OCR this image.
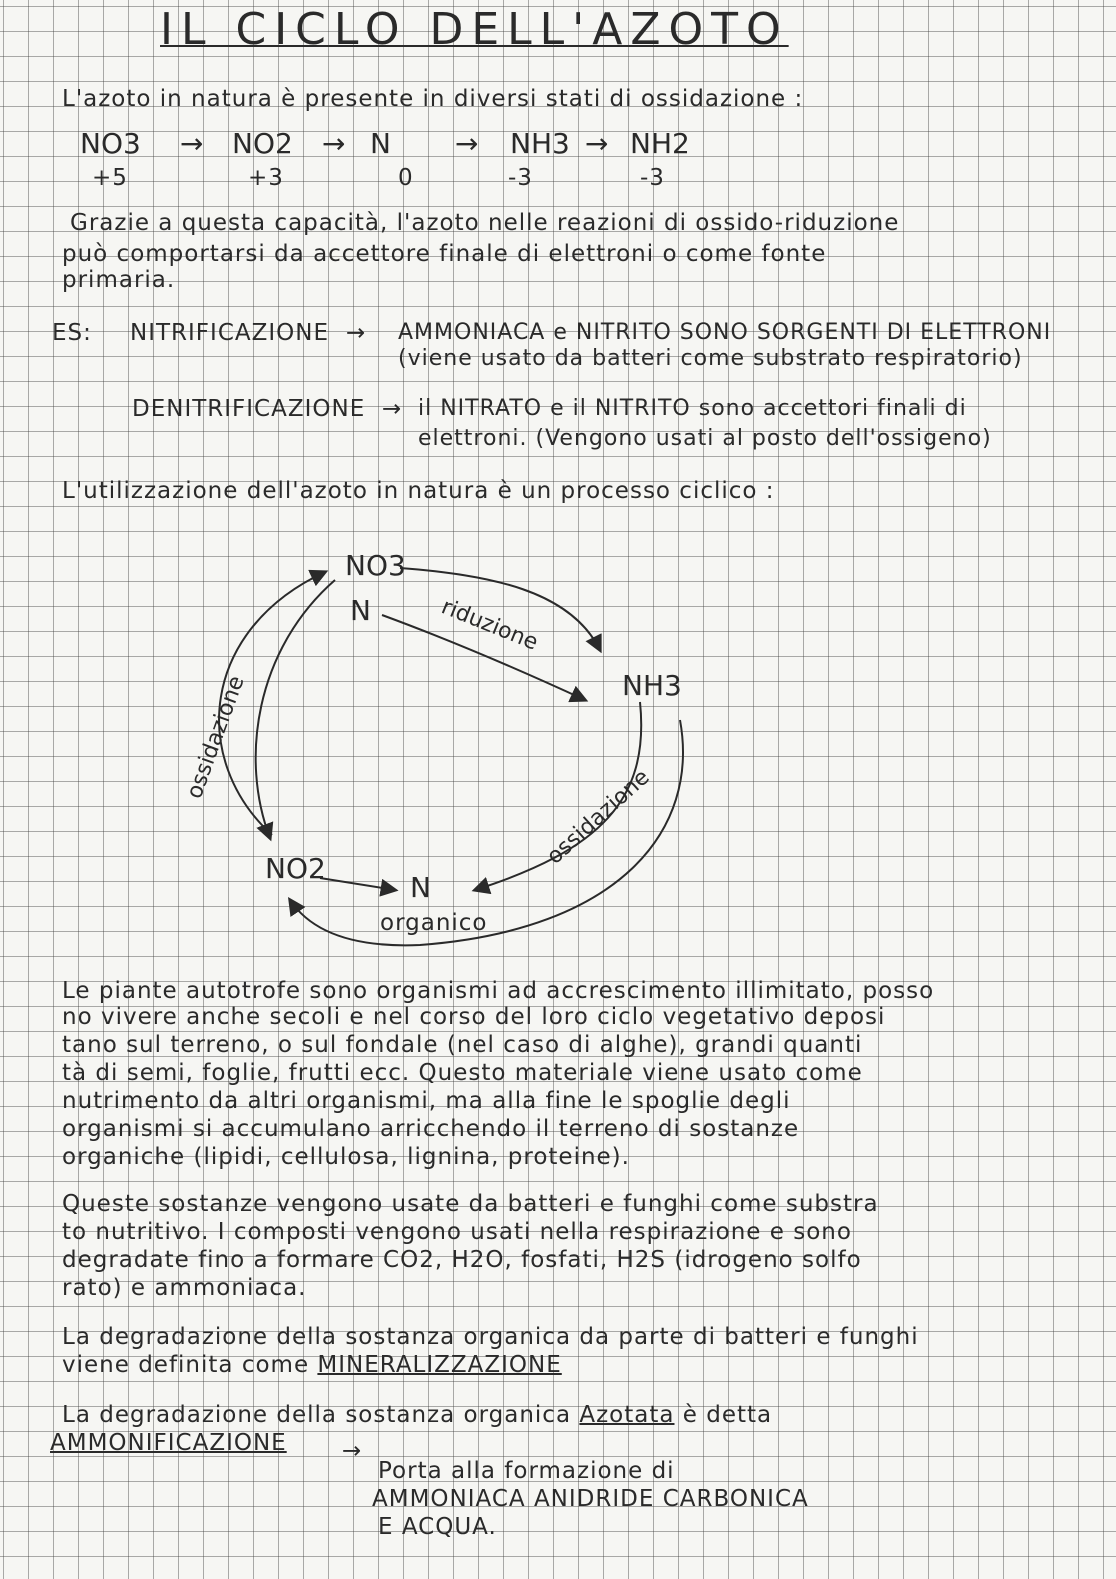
IL CICLO DELL'AZOTO
L'azoto in natura è presente in diversi stati di ossidazione :
NO3 → NO2 → N → NH3 → NH2
+5	+3	0	-3	-3
Grazie a questa capacità, l'azoto nelle reazioni di ossido-riduzione
può comportarsi da accettore finale di elettroni o come fonte
primaria.
ES: NITRIFICAZIONE → AMMONIACA e NITRITO SONO SORGENTI DI ELETTRONI
(viene usato da batteri come substrato respiratorio)
DENITRIFICAZIONE → il NITRATO e il NITRITO sono accettori finali di
elettroni. (Vengono usati al posto dell'ossigeno)
L'utilizzazione dell'azoto in natura è un processo ciclico :
riduzione
ossidazione
ossidazione
NO3
N
NH3
NO2
N
organico
Le piante autotrofe sono organismi ad accrescimento illimitato, posso
no vivere anche secoli e nel corso del loro ciclo vegetativo deposi
tano sul terreno, o sul fondale (nel caso di alghe), grandi quanti
tà di semi, foglie, frutti ecc. Questo materiale viene usato come
nutrimento da altri organismi, ma alla fine le spoglie degli
organismi si accumulano arricchendo il terreno di sostanze
organiche (lipidi, cellulosa, lignina, proteine).
Queste sostanze vengono usate da batteri e funghi come substra
to nutritivo. I composti vengono usati nella respirazione e sono
degradate fino a formare CO2, H2O, fosfati, H2S (idrogeno solfo
rato) e ammoniaca.
La degradazione della sostanza organica da parte di batteri e funghi
viene definita come MINERALIZZAZIONE
La degradazione della sostanza organica Azotata è detta
AMMONIFICAZIONE →
Porta alla formazione di
AMMONIACA ANIDRIDE CARBONICA
E ACQUA.
